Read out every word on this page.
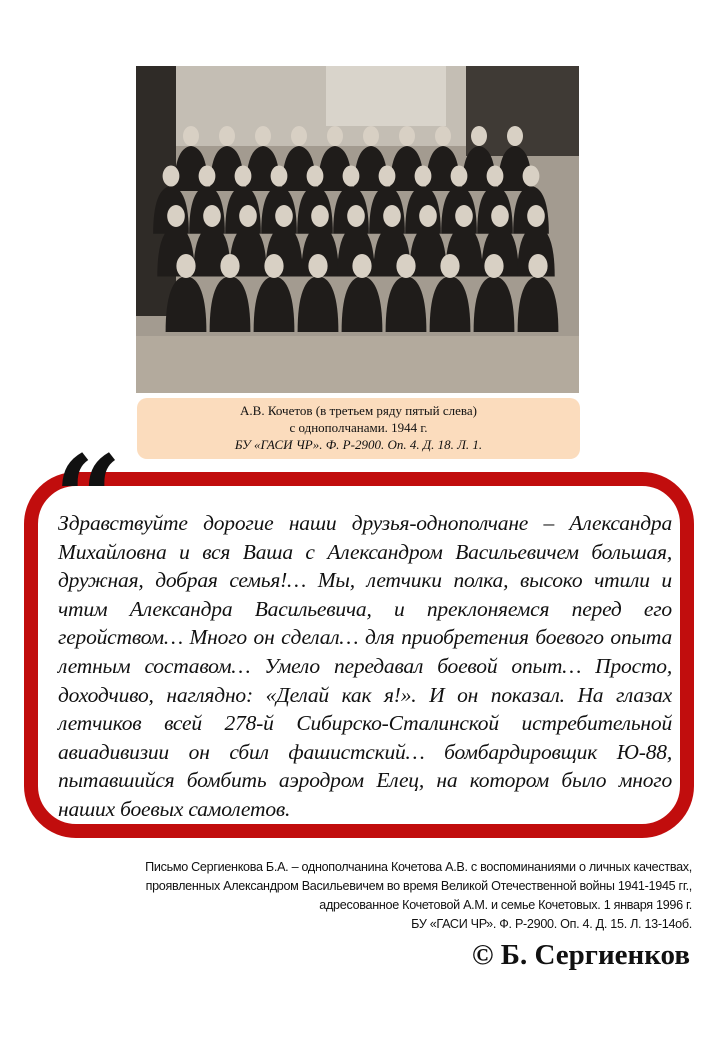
А.В. Кочетов (в третьем ряду пятый слева)
с однополчанами. 1944 г.
БУ «ГАСИ ЧР». Ф. Р-2900. Оп. 4. Д. 18. Л. 1.
“
Здравствуйте дорогие наши друзья-однополчане – Александра Михайловна и вся Ваша с Александром Васильевичем большая, дружная, добрая семья!… Мы, летчики полка, высоко чтили и чтим Александра Васильевича, и преклоняемся перед его геройством… Много он сделал… для приобретения боевого опыта летным составом… Умело передавал боевой опыт… Просто, доходчиво, наглядно: «Делай как я!». И он показал. На глазах летчиков всей 278-й Сибирско-Сталинской истребительной авиадивизии он сбил фашистский… бомбардировщик Ю-88, пытавшийся бомбить аэродром Елец, на котором было много наших боевых самолетов.
Письмо Сергиенкова Б.А. – однополчанина Кочетова А.В. с воспоминаниями о личных качествах,
проявленных Александром Васильевичем во время Великой Отечественной войны 1941-1945 гг.,
адресованное Кочетовой А.М. и семье Кочетовых. 1 января 1996 г.
БУ «ГАСИ ЧР». Ф. Р-2900. Оп. 4. Д. 15. Л. 13-14об.
© Б. Сергиенков
